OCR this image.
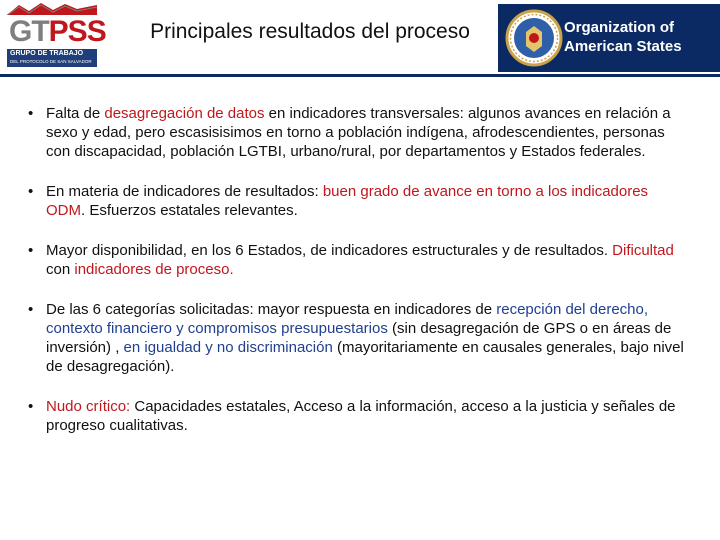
GTPSS
GRUPO DE TRABAJO
DEL PROTOCOLO DE SAN SALVADOR
Principales resultados del proceso	Organization of
American States
• Falta de desagregación de datos en indicadores transversales: algunos avances en relación a sexo y edad, pero escasisisimos en torno a población indígena, afrodescendientes, personas con discapacidad, población LGTBI, urbano/rural, por departamentos y Estados federales.
• En materia de indicadores de resultados: buen grado de avance en torno a los indicadores ODM. Esfuerzos estatales relevantes.
• Mayor disponibilidad, en los 6 Estados, de indicadores estructurales y de resultados. Dificultad con indicadores de proceso.
• De las 6 categorías solicitadas: mayor respuesta en indicadores de recepción del derecho, contexto financiero y compromisos presupuestarios (sin desagregación de GPS o en áreas de inversión) , en igualdad y no discriminación (mayoritariamente en causales generales, bajo nivel de desagregación).
• Nudo crítico: Capacidades estatales, Acceso a la información, acceso a la justicia y señales de progreso cualitativas.
